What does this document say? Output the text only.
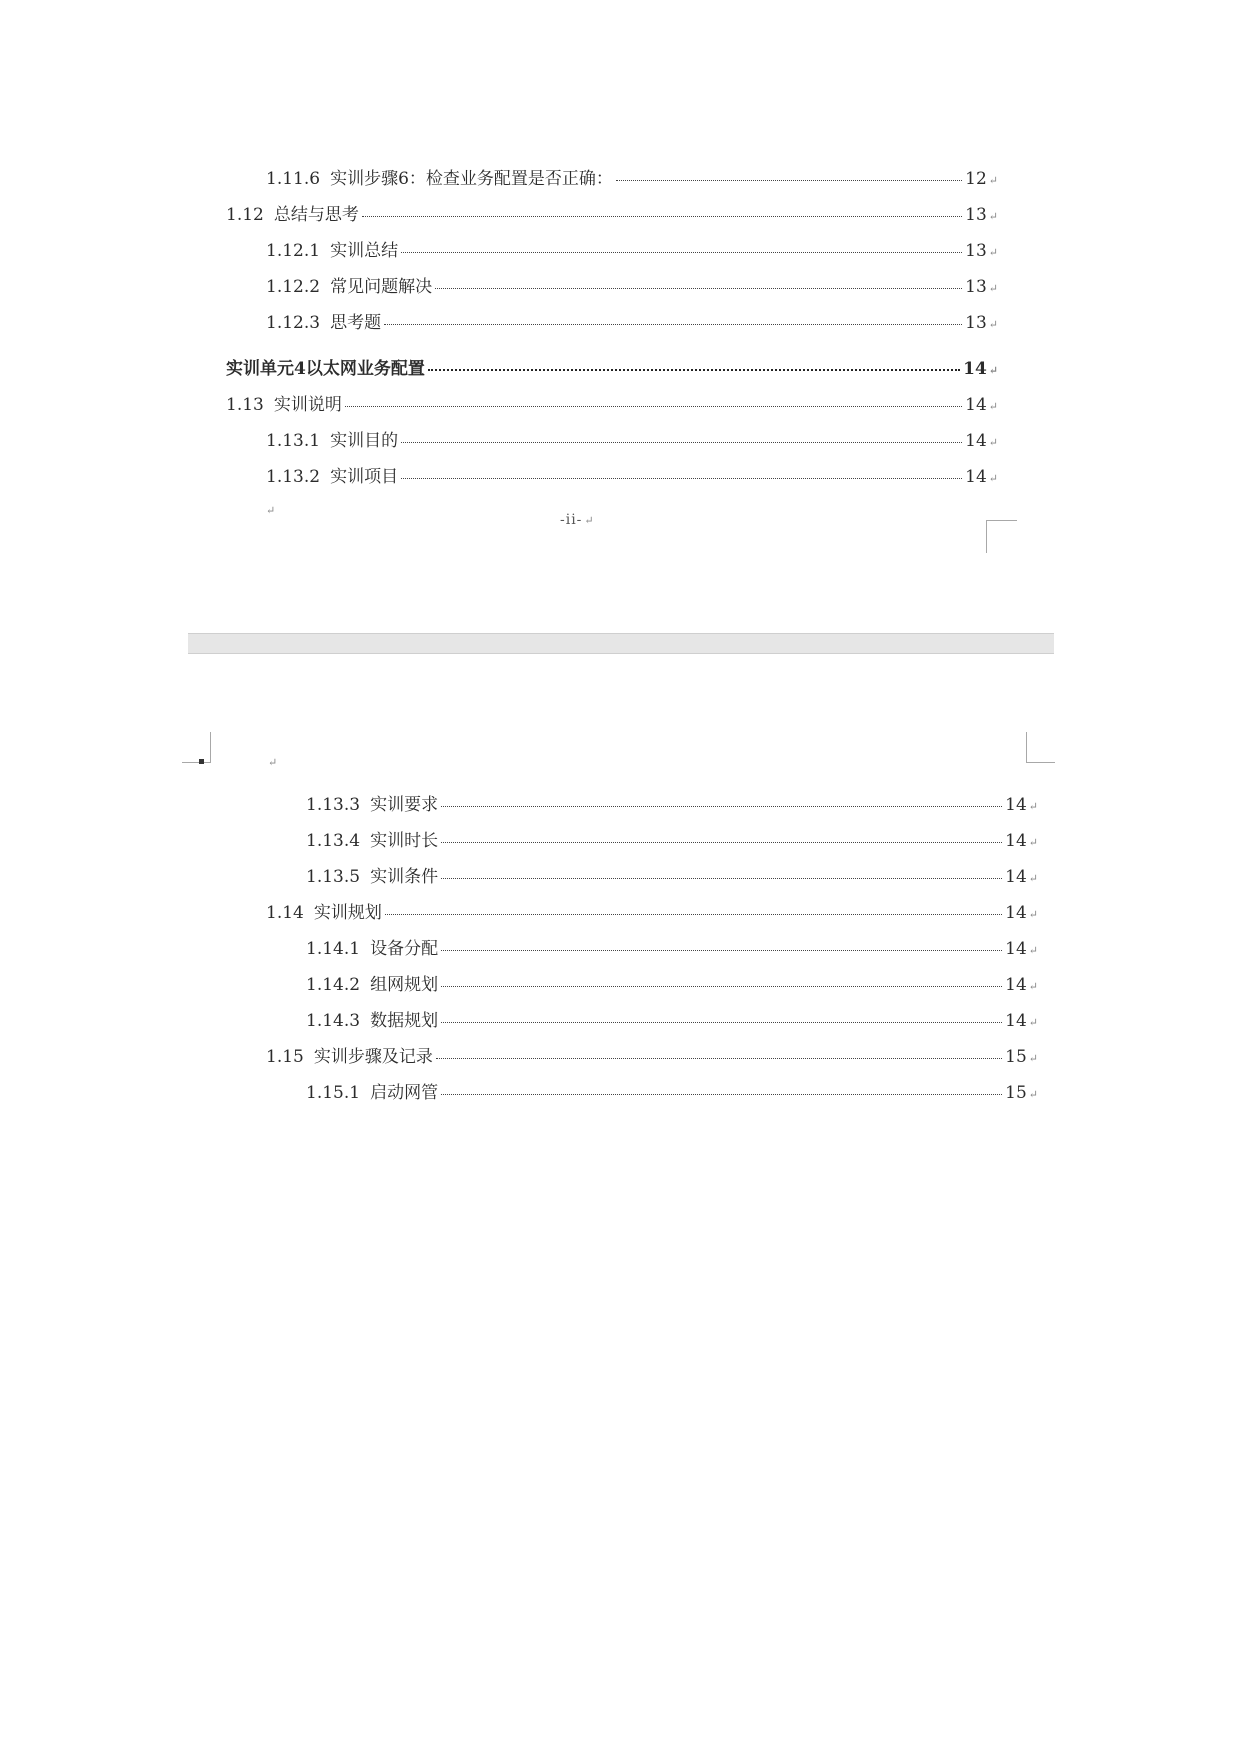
1.11.6 实训步骤6：检查业务配置是否正确：	12 ↵
1.12 总结与思考	13 ↵
1.12.1 实训总结	13 ↵
1.12.2 常见问题解决	13 ↵
1.12.3 思考题	13 ↵
实训单元4以太网业务配置	14 ↵
1.13 实训说明	14 ↵
1.13.1 实训目的	14 ↵
1.13.2 实训项目	14 ↵
↵
-ii- ↵
↵
1.13.3 实训要求	14 ↵
1.13.4 实训时长	14 ↵
1.13.5 实训条件	14 ↵
1.14 实训规划	14 ↵
1.14.1 设备分配	14 ↵
1.14.2 组网规划	14 ↵
1.14.3 数据规划	14 ↵
1.15 实训步骤及记录	15 ↵
1.15.1 启动网管	15 ↵
